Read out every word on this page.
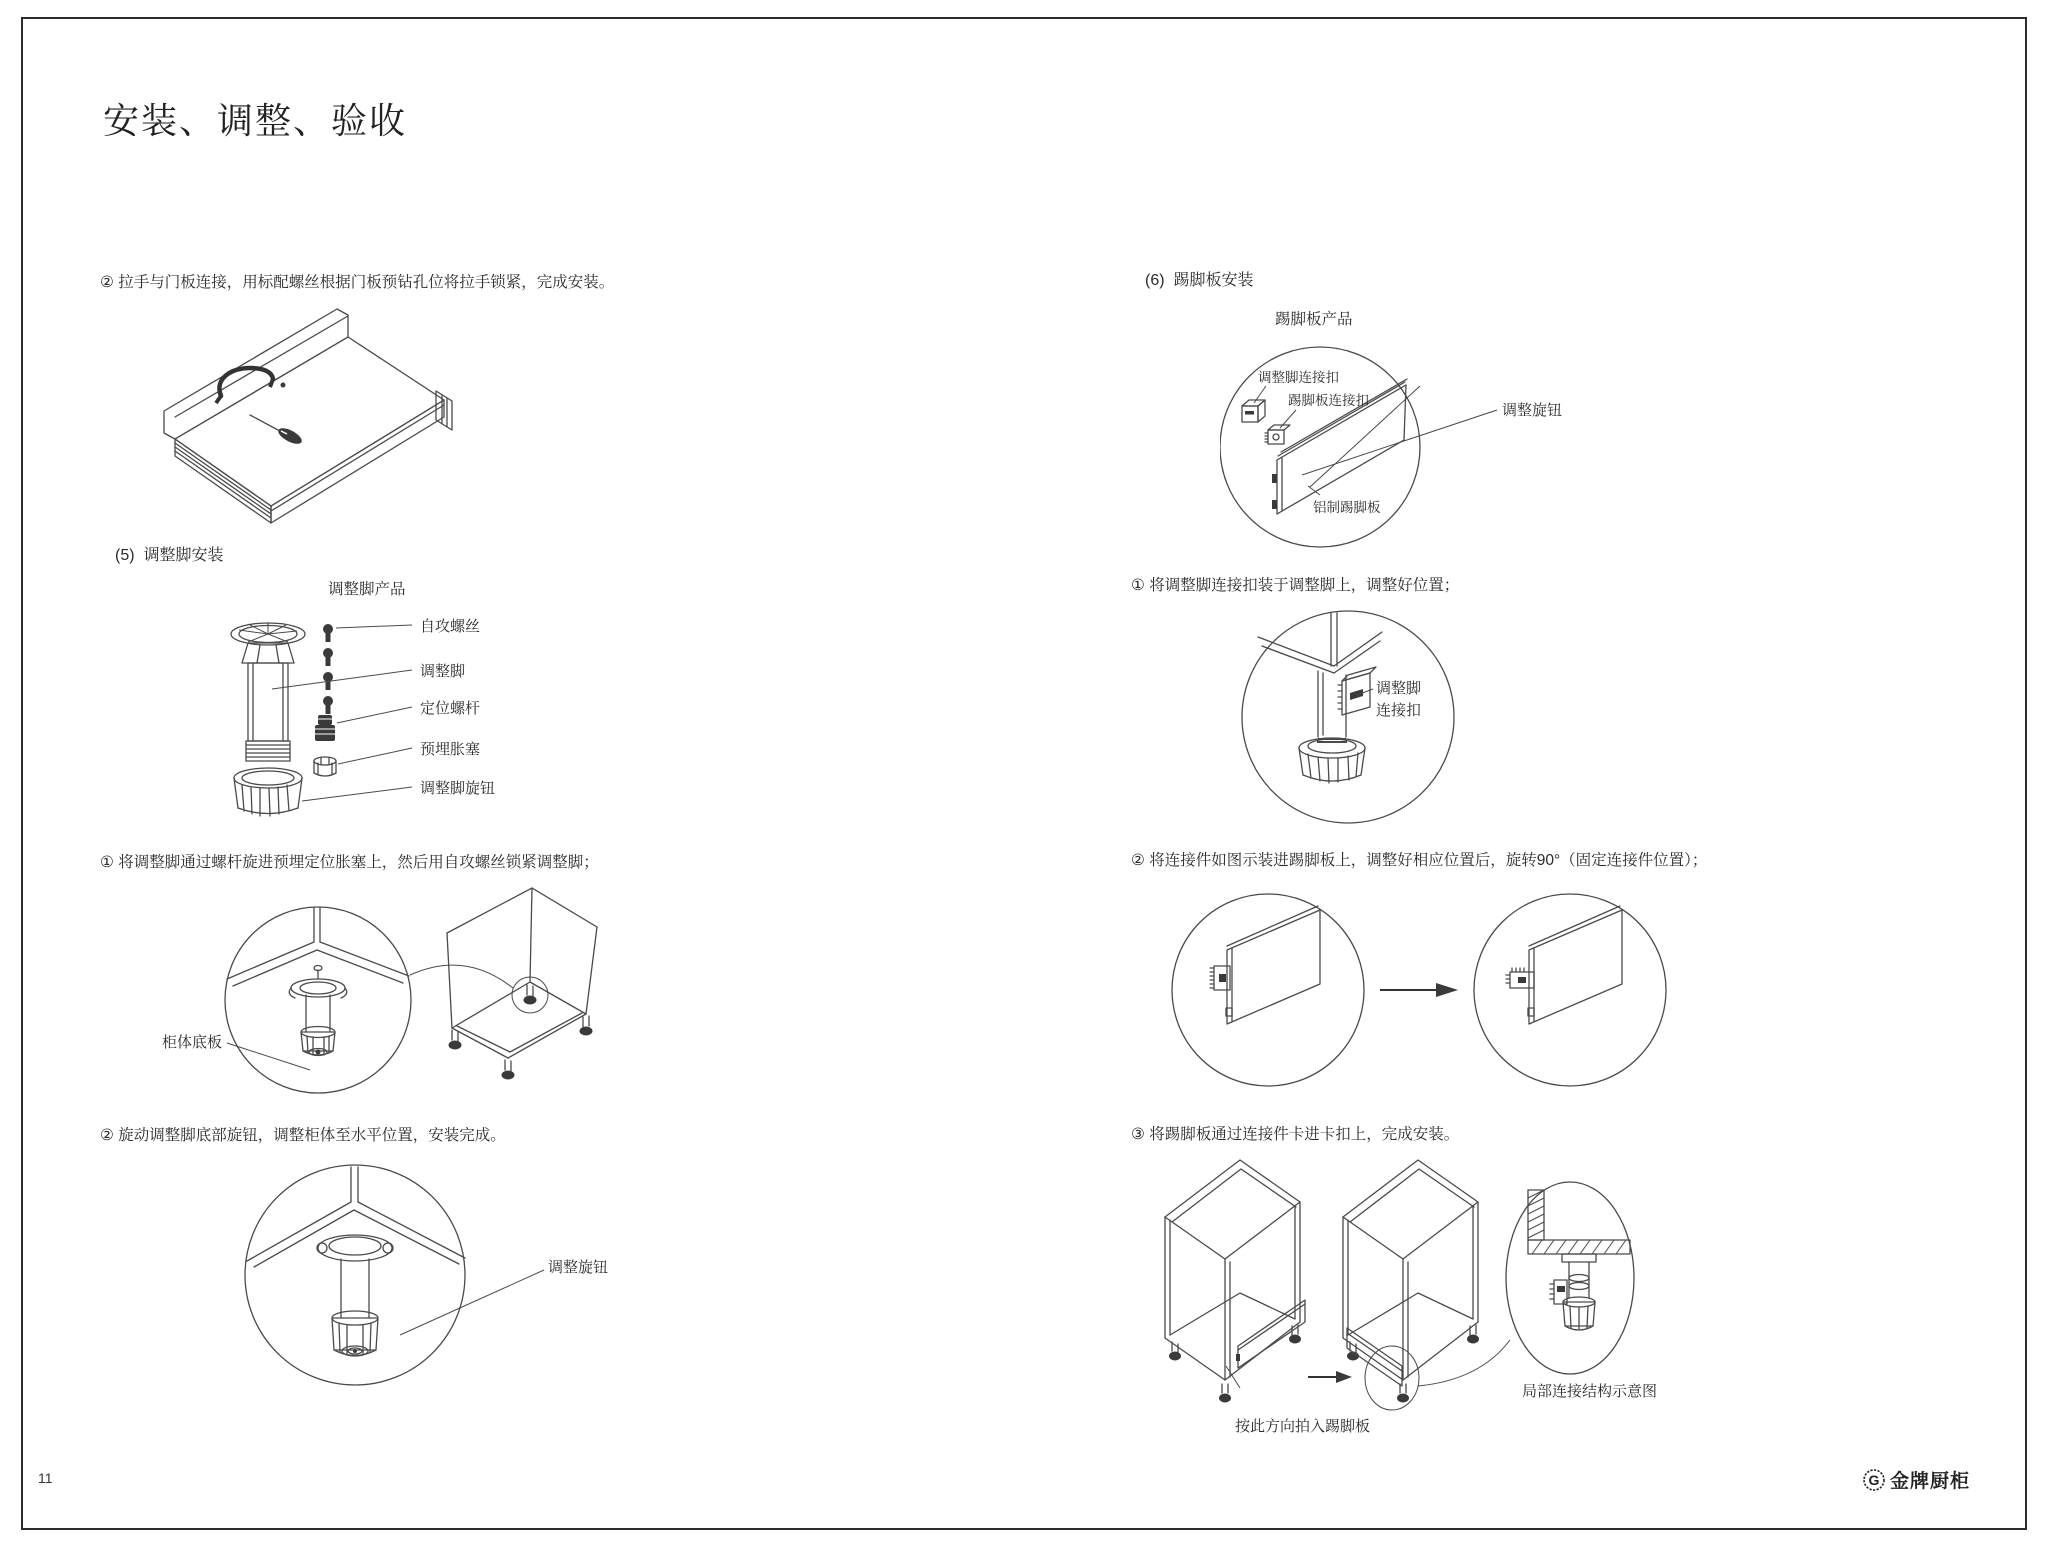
安装、调整、验收
② 拉手与门板连接，用标配螺丝根据门板预钻孔位将拉手锁紧，完成安装。
(5)  调整脚安装
调整脚产品
自攻螺丝
调整脚
定位螺杆
预埋胀塞
调整脚旋钮
① 将调整脚通过螺杆旋进预埋定位胀塞上，然后用自攻螺丝锁紧调整脚；
柜体底板
② 旋动调整脚底部旋钮，调整柜体至水平位置，安装完成。
调整旋钮
(6)  踢脚板安装
踢脚板产品
调整脚连接扣
踢脚板连接扣
调整旋钮
铝制踢脚板
① 将调整脚连接扣装于调整脚上，调整好位置；
调整脚
连接扣
② 将连接件如图示装进踢脚板上，调整好相应位置后，旋转90°（固定连接件位置）；
③ 将踢脚板通过连接件卡进卡扣上，完成安装。
按此方向拍入踢脚板
局部连接结构示意图
11	G 金牌厨柜
